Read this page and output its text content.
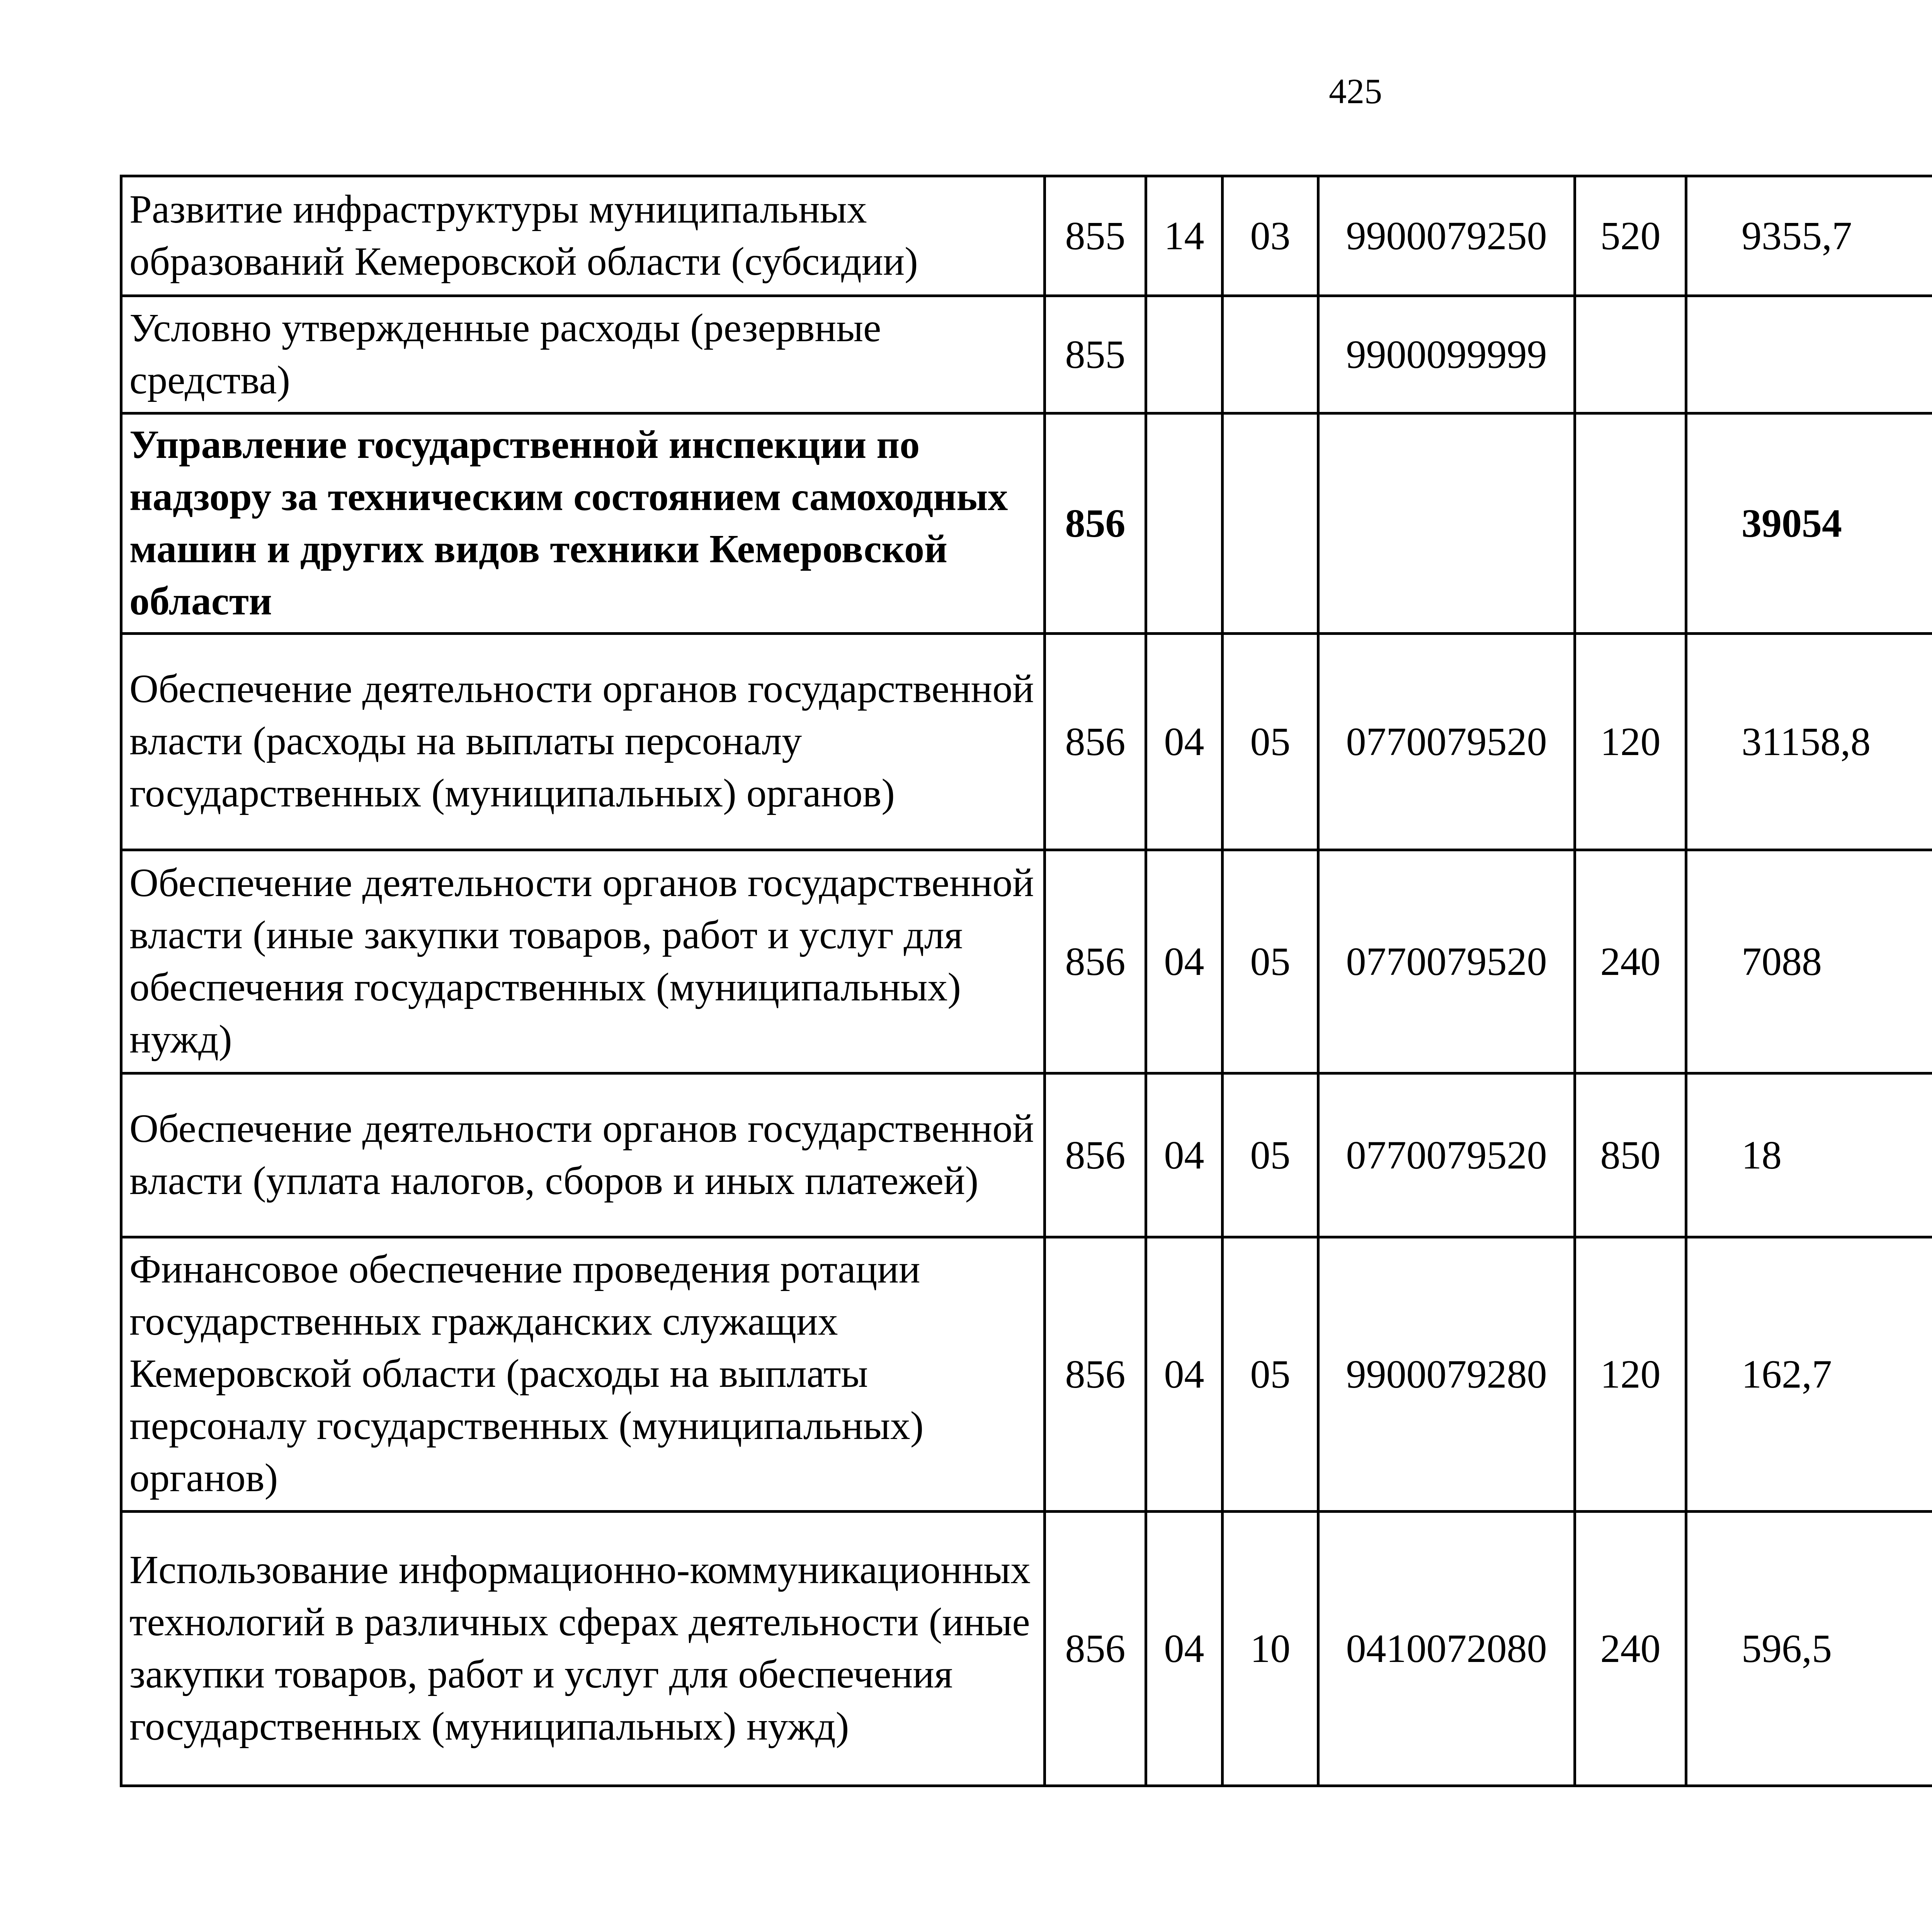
425
Развитие инфраструктуры муниципальных образований Кемеровской области (субсидии)	855	14	03	9900079250	520	9355,7		
Условно утвержденные расходы (резервные средства)	855			9900099999				
Управление государственной инспекции по надзору за техническим состоянием самоходных машин и других видов техники Кемеровской области	856					39054		
Обеспечение деятельности органов государственной власти (расходы на выплаты персоналу государственных (муниципальных) органов)	856	04	05	0770079520	120	31158,8		
Обеспечение деятельности органов государственной власти (иные закупки товаров, работ и услуг для обеспечения государственных (муниципальных) нужд)	856	04	05	0770079520	240	7088		
Обеспечение деятельности органов государственной власти (уплата налогов, сборов и иных платежей)	856	04	05	0770079520	850	18		
Финансовое обеспечение проведения ротации государственных гражданских служащих Кемеровской области (расходы на выплаты персоналу государственных (муниципальных) органов)	856	04	05	9900079280	120	162,7		
Использование информационно-коммуникационных технологий в различных сферах деятельности (иные закупки товаров, работ и услуг для обеспечения государственных (муниципальных) нужд)	856	04	10	0410072080	240	596,5		
